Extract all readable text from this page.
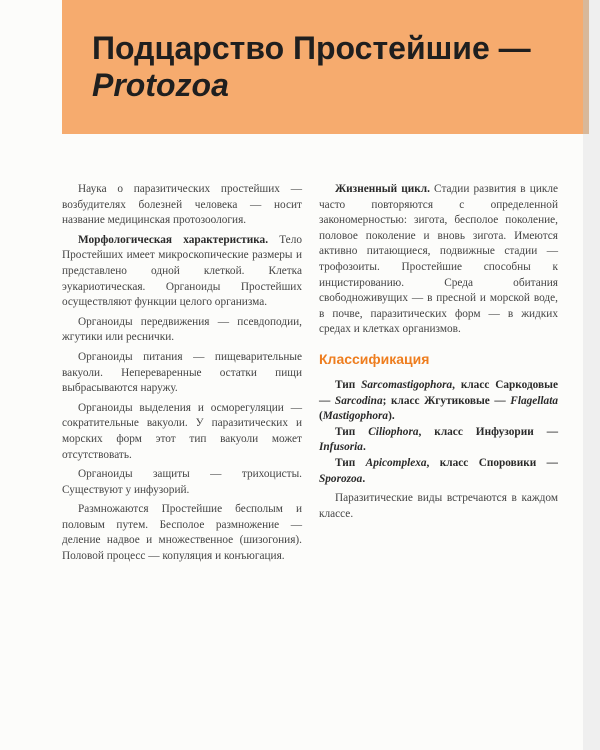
Подцарство Простейшие —
Protozoa

Наука о паразитических простейших — возбудителях болезней человека — носит название медицинская протозоология.

Морфологическая характеристика. Тело Простейших имеет микроскопические размеры и представлено одной клеткой. Клетка эукариотическая. Органоиды Простейших осуществляют функции целого организма.

Органоиды передвижения — псевдоподии, жгутики или реснички.

Органоиды питания — пищеварительные вакуоли. Непереваренные остатки пищи выбрасываются наружу.

Органоиды выделения и осморегуляции — сократительные вакуоли. У паразитических и морских форм этот тип вакуоли может отсутствовать.

Органоиды защиты — трихоцисты. Существуют у инфузорий.

Размножаются Простейшие бесполым и половым путем. Бесполое размножение — деление надвое и множественное (шизогония). Половой процесс — копуляция и конъюгация.

Жизненный цикл. Стадии развития в цикле часто повторяются с определенной закономерностью: зигота, бесполое поколение, половое поколение и вновь зигота. Имеются активно питающиеся, подвижные стадии — трофозоиты. Простейшие способны к инцистированию. Среда обитания свободноживущих — в пресной и морской воде, в почве, паразитических форм — в жидких средах и клетках организмов.

Классификация

Тип Sarcomastigophora, класс Саркодовые — Sarcodina; класс Жгутиковые — Flagellata (Mastigophora).

Тип Ciliophora, класс Инфузории — Infusoria.

Тип Apicomplexa, класс Споровики — Sporozoa.

Паразитические виды встречаются в каждом классе.
